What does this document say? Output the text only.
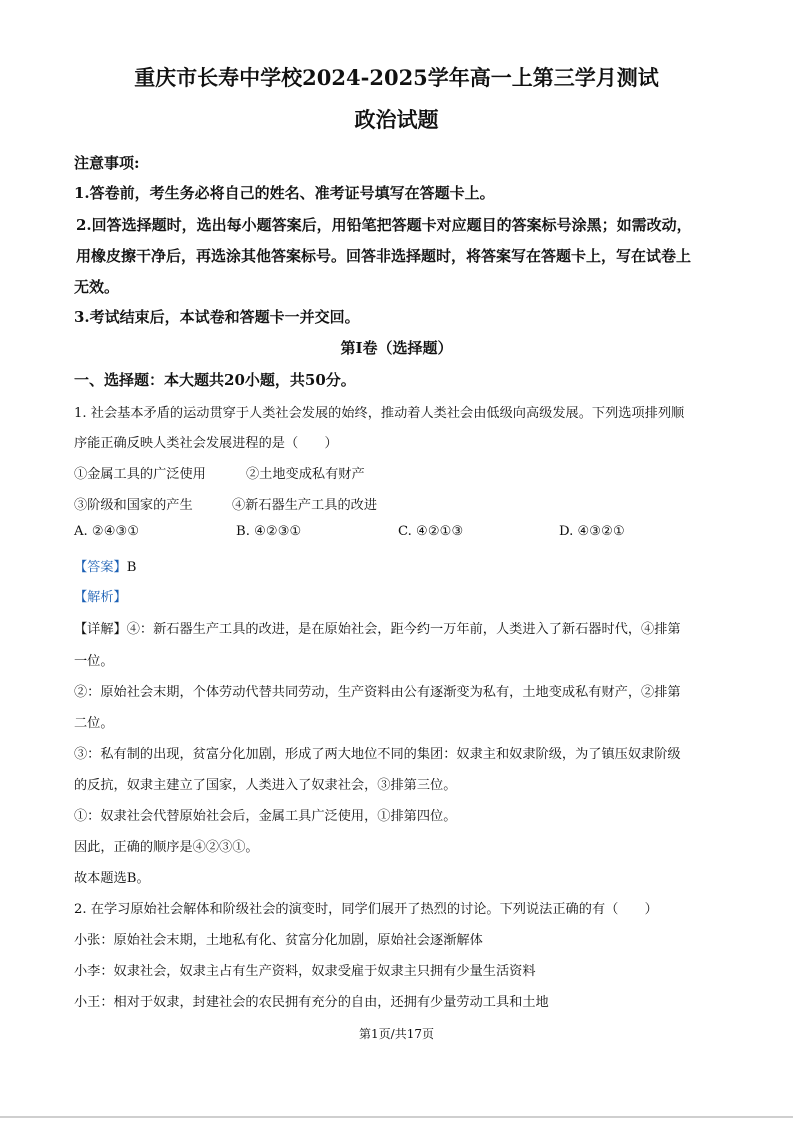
重庆市长寿中学校2024-2025学年高一上第三学月测试
政治试题
注意事项:
1.答卷前，考生务必将自己的姓名、准考证号填写在答题卡上。
2.回答选择题时，选出每小题答案后，用铅笔把答题卡对应题目的答案标号涂黑；如需改动，
用橡皮擦干净后，再选涂其他答案标号。回答非选择题时，将答案写在答题卡上，写在试卷上
无效。
3.考试结束后，本试卷和答题卡一并交回。
第Ⅰ卷（选择题）
一、选择题：本大题共20小题，共50分。
1. 社会基本矛盾的运动贯穿于人类社会发展的始终，推动着人类社会由低级向高级发展。下列选项排列顺
序能正确反映人类社会发展进程的是（　　）
①金属工具的广泛使用	②土地变成私有财产
③阶级和国家的产生	④新石器生产工具的改进
A. ②④③①	B. ④②③①	C. ④②①③	D. ④③②①
【答案】B
【解析】
【详解】④：新石器生产工具的改进，是在原始社会，距今约一万年前，人类进入了新石器时代，④排第
一位。
②：原始社会末期，个体劳动代替共同劳动，生产资料由公有逐渐变为私有，土地变成私有财产，②排第
二位。
③：私有制的出现，贫富分化加剧，形成了两大地位不同的集团：奴隶主和奴隶阶级，为了镇压奴隶阶级
的反抗，奴隶主建立了国家，人类进入了奴隶社会，③排第三位。
①：奴隶社会代替原始社会后，金属工具广泛使用，①排第四位。
因此，正确的顺序是④②③①。
故本题选B。
2. 在学习原始社会解体和阶级社会的演变时，同学们展开了热烈的讨论。下列说法正确的有（　　）
小张：原始社会末期，土地私有化、贫富分化加剧，原始社会逐渐解体
小李：奴隶社会，奴隶主占有生产资料，奴隶受雇于奴隶主只拥有少量生活资料
小王：相对于奴隶，封建社会的农民拥有充分的自由，还拥有少量劳动工具和土地
第1页/共17页
